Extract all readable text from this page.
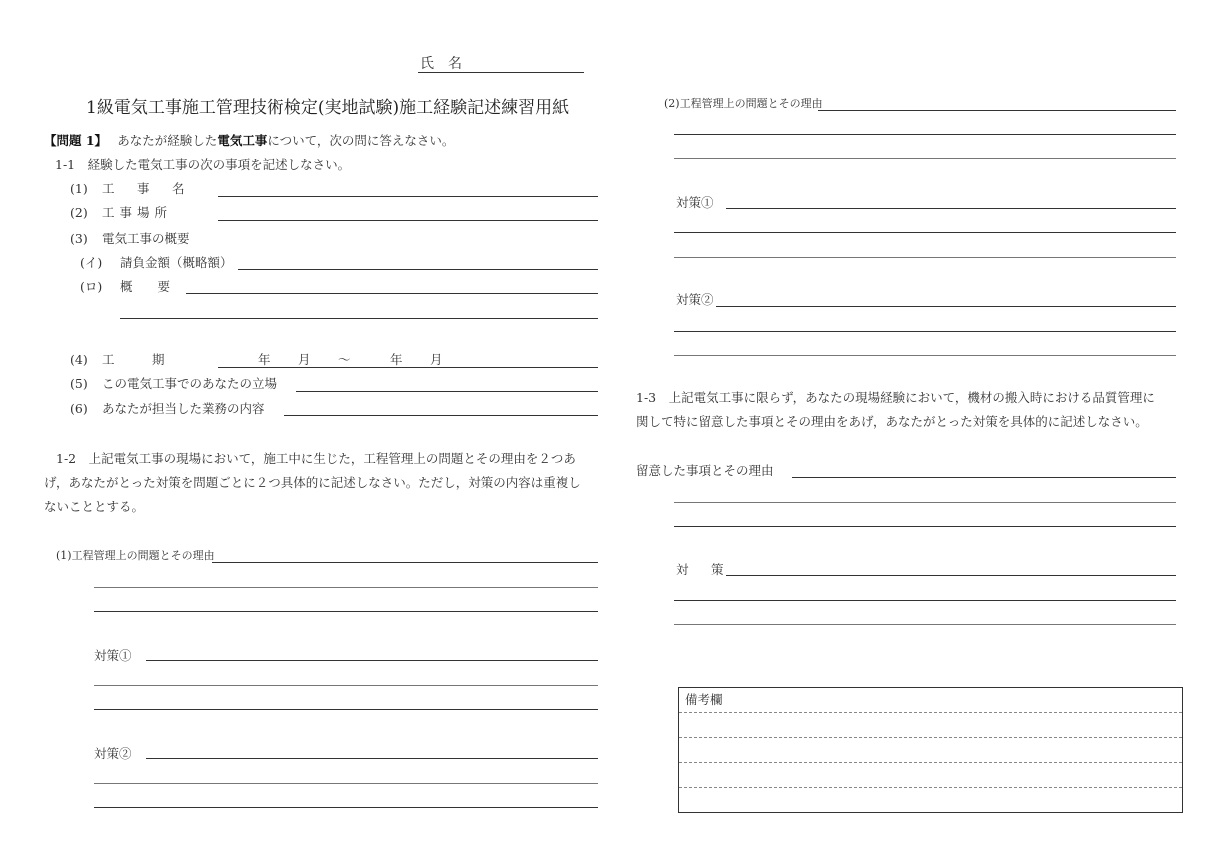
氏　名
1級電気工事施工管理技術検定(実地試験)施工経験記述練習用紙
【問題 1】　 あなたが経験した電気工事について，次の問に答えなさい。
1-1　経験した電気工事の次の事項を記述しなさい。
(1) 工　事　名
(2) 工事場所
(3) 電気工事の概要
(イ) 請負金額（概略額）
(ロ) 概　　要
(4) 工　　　期	年 月 ～	年 月
(5) この電気工事でのあなたの立場
(6) あなたが担当した業務の内容
1-2　上記電気工事の現場において，施工中に生じた，工程管理上の問題とその理由を２つあ
げ，あなたがとった対策を問題ごとに２つ具体的に記述しなさい。ただし，対策の内容は重複し
ないこととする。
(1)工程管理上の問題とその理由
対策①
対策②
(2)工程管理上の問題とその理由
対策①
対策②
1-3　上記電気工事に限らず，あなたの現場経験において，機材の搬入時における品質管理に
関して特に留意した事項とその理由をあげ，あなたがとった対策を具体的に記述しなさい。
留意した事項とその理由
対　策
備考欄
